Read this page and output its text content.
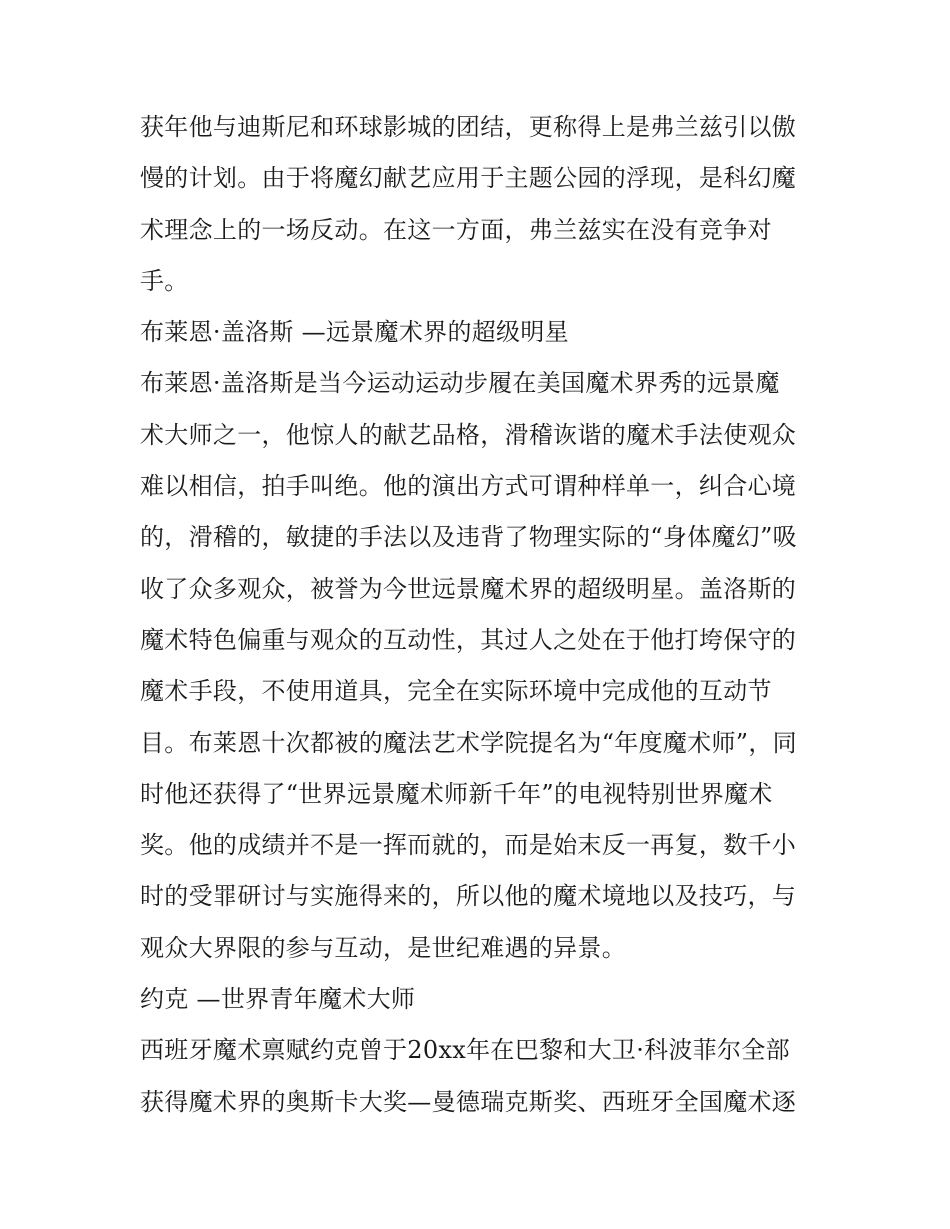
获年他与迪斯尼和环球影城的团结，更称得上是弗兰兹引以傲
慢的计划。由于将魔幻献艺应用于主题公园的浮现，是科幻魔
术理念上的一场反动。在这一方面，弗兰兹实在没有竞争对
手。
布莱恩·盖洛斯 —远景魔术界的超级明星
布莱恩·盖洛斯是当今运动运动步履在美国魔术界秀的远景魔
术大师之一，他惊人的献艺品格，滑稽诙谐的魔术手法使观众
难以相信，拍手叫绝。他的演出方式可谓种样单一，纠合心境
的，滑稽的，敏捷的手法以及违背了物理实际的“身体魔幻”吸
收了众多观众，被誉为今世远景魔术界的超级明星。盖洛斯的
魔术特色偏重与观众的互动性，其过人之处在于他打垮保守的
魔术手段，不使用道具，完全在实际环境中完成他的互动节
目。布莱恩十次都被的魔法艺术学院提名为“年度魔术师”，同
时他还获得了“世界远景魔术师新千年”的电视特别世界魔术
奖。他的成绩并不是一挥而就的，而是始末反一再复，数千小
时的受罪研讨与实施得来的，所以他的魔术境地以及技巧，与
观众大界限的参与互动，是世纪难遇的异景。
约克 —世界青年魔术大师
西班牙魔术禀赋约克曾于20xx年在巴黎和大卫·科波菲尔全部
获得魔术界的奥斯卡大奖—曼德瑞克斯奖、西班牙全国魔术逐
